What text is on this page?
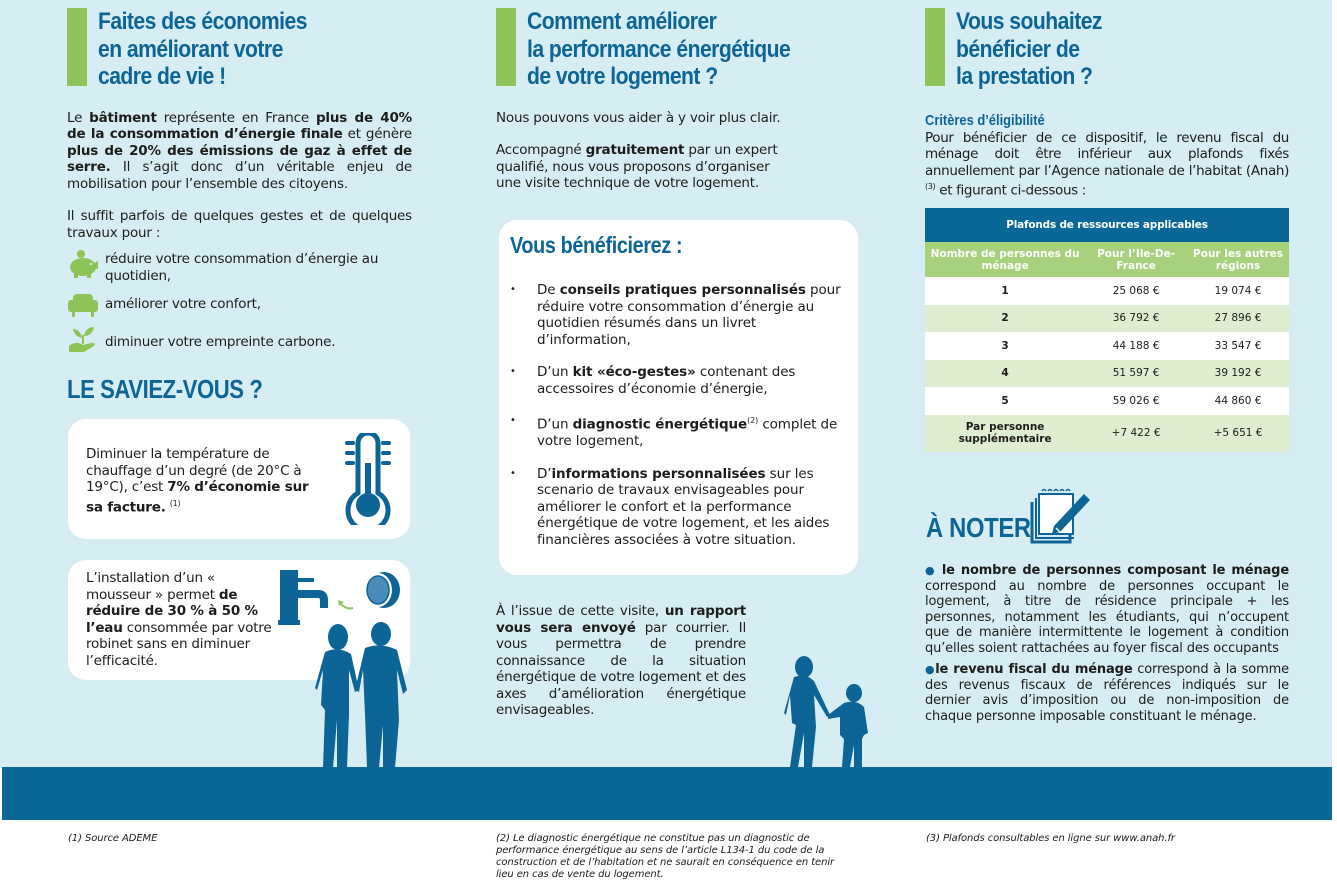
Faites des économies
en améliorant votre
cadre de vie !

Le bâtiment représente en France plus de 40% de la consommation d’énergie finale et génère plus de 20% des émissions de gaz à effet de serre. Il s’agit donc d’un véritable enjeu de mobilisation pour l’ensemble des citoyens.

Il suffit parfois de quelques gestes et de quelques travaux pour :

réduire votre consommation d’énergie au quotidien,
améliorer votre confort,
diminuer votre empreinte carbone.
LE SAVIEZ-VOUS ?

Diminuer la température de chauffage d’un degré (de 20°C à 19°C), c’est 7% d’économie sur sa facture. $^{(1)}$

L’installation d’un « mousseur » permet de réduire de 30 % à 50 % l’eau consommée par votre robinet sans en diminuer l’efficacité.

Comment améliorer
la performance énergétique
de votre logement ?

Nous pouvons vous aider à y voir plus clair.

Accompagné gratuitement par un expert qualifié, nous vous proposons d’organiser une visite technique de votre logement.

Vous bénéficierez :
• De conseils pratiques personnalisés pour réduire votre consommation d’énergie au quotidien résumés dans un livret d’information,
• D’un kit «éco-gestes» contenant des accessoires d’économie d’énergie,
• D’un diagnostic énergétique$^{(2)}$ complet de votre logement,
• D’informations personnalisées sur les scenario de travaux envisageables pour améliorer le confort et la performance énergétique de votre logement, et les aides financières associées à votre situation.

À l’issue de cette visite, un rapport vous sera envoyé par courrier. Il vous permettra de prendre connaissance de la situation énergétique de votre logement et des axes d’amélioration énergétique envisageables.

Vous souhaitez
bénéficier de
la prestation ?
Critères d’éligibilité

Pour bénéficier de ce dispositif, le revenu fiscal du ménage doit être inférieur aux plafonds fixés annuellement par l’Agence nationale de l’habitat (Anah) $^{(3)}$ et figurant ci-dessous :

Plafonds de ressources applicables		
Nombre de personnes du ménage	Pour l’Ile-De-France	Pour les autres régions
1	25 068 €	19 074 €
2	36 792 €	27 896 €
3	44 188 €	33 547 €
4	51 597 €	39 192 €
5	59 026 €	44 860 €
Par personne supplémentaire	+7 422 €	+5 651 €
À NOTER

● le nombre de personnes composant le ménage correspond au nombre de personnes occupant le logement, à titre de résidence principale + les personnes, notamment les étudiants, qui n’occupent que de manière intermittente le logement à condition qu’elles soient rattachées au foyer fiscal des occupants

●le revenu fiscal du ménage correspond à la somme des revenus fiscaux de références indiqués sur le dernier avis d’imposition ou de non-imposition de chaque personne imposable constituant le ménage.

(1) Source ADEME	(2) Le diagnostic énergétique ne constitue pas un diagnostic de performance énergétique au sens de l’article L134-1 du code de la construction et de l’habitation et ne saurait en conséquence en tenir lieu en cas de vente du logement.
(3) Plafonds consultables en ligne sur www.anah.fr
